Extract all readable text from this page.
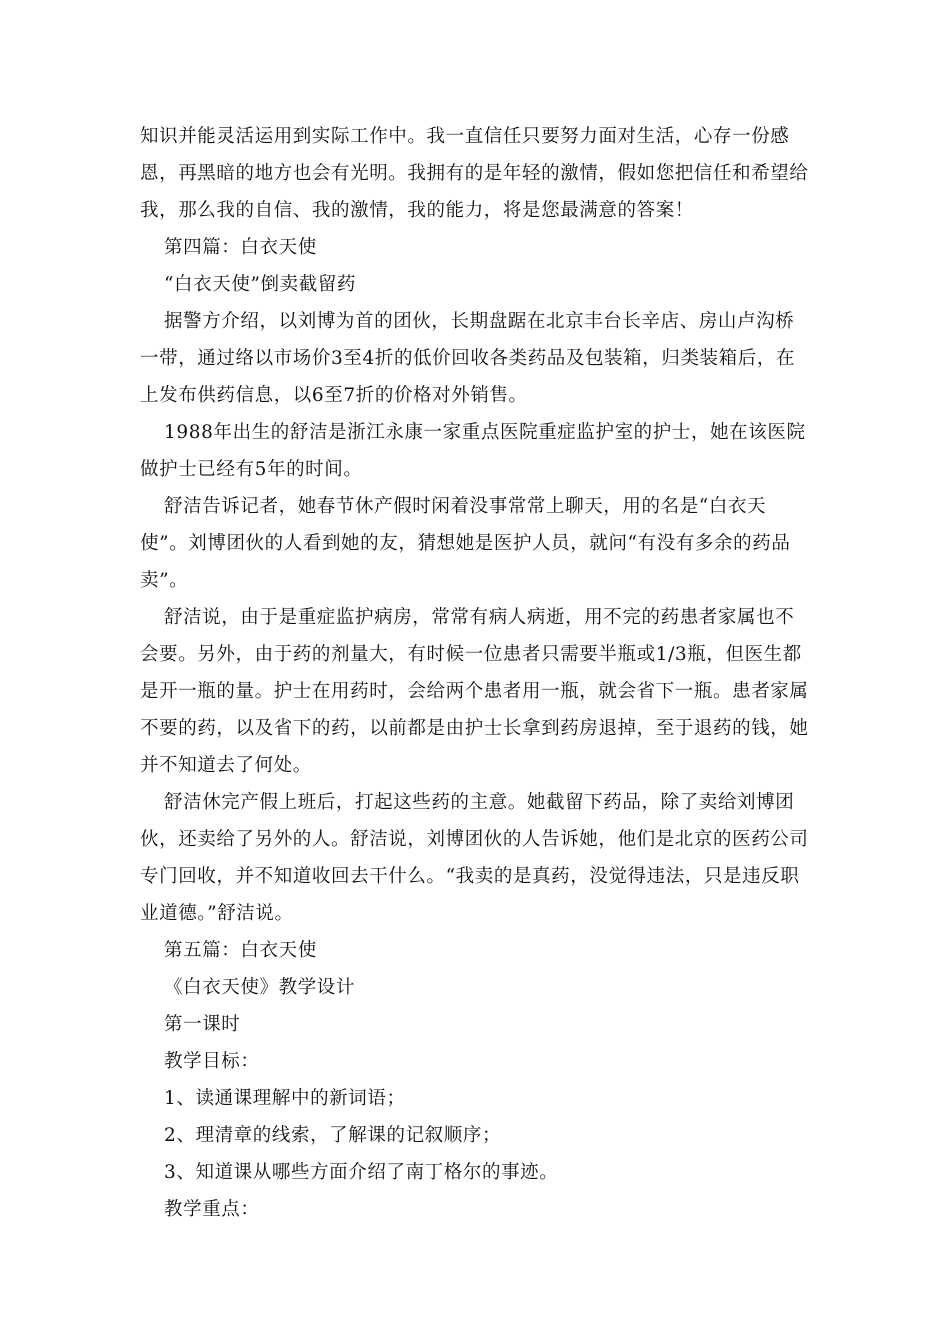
知识并能灵活运用到实际工作中。我一直信任只要努力面对生活，心存一份感恩，再黑暗的地方也会有光明。我拥有的是年轻的激情，假如您把信任和希望给我，那么我的自信、我的激情，我的能力，将是您最满意的答案！

第四篇：白衣天使

“白衣天使”倒卖截留药

据警方介绍，以刘博为首的团伙，长期盘踞在北京丰台长辛店、房山卢沟桥一带，通过络以市场价3至4折的低价回收各类药品及包装箱，归类装箱后，在上发布供药信息，以6至7折的价格对外销售。

1988年出生的舒洁是浙江永康一家重点医院重症监护室的护士，她在该医院做护士已经有5年的时间。

舒洁告诉记者，她春节休产假时闲着没事常常上聊天，用的名是“白衣天使”。刘博团伙的人看到她的友，猜想她是医护人员，就问“有没有多余的药品卖”。

舒洁说，由于是重症监护病房，常常有病人病逝，用不完的药患者家属也不会要。另外，由于药的剂量大，有时候一位患者只需要半瓶或1/3瓶，但医生都是开一瓶的量。护士在用药时，会给两个患者用一瓶，就会省下一瓶。患者家属不要的药，以及省下的药，以前都是由护士长拿到药房退掉，至于退药的钱，她并不知道去了何处。

舒洁休完产假上班后，打起这些药的主意。她截留下药品，除了卖给刘博团伙，还卖给了另外的人。舒洁说，刘博团伙的人告诉她，他们是北京的医药公司专门回收，并不知道收回去干什么。“我卖的是真药，没觉得违法，只是违反职业道德。”舒洁说。

第五篇：白衣天使

《白衣天使》教学设计

第一课时

教学目标：

1、读通课理解中的新词语；

2、理清章的线索，了解课的记叙顺序；

3、知道课从哪些方面介绍了南丁格尔的事迹。

教学重点：
